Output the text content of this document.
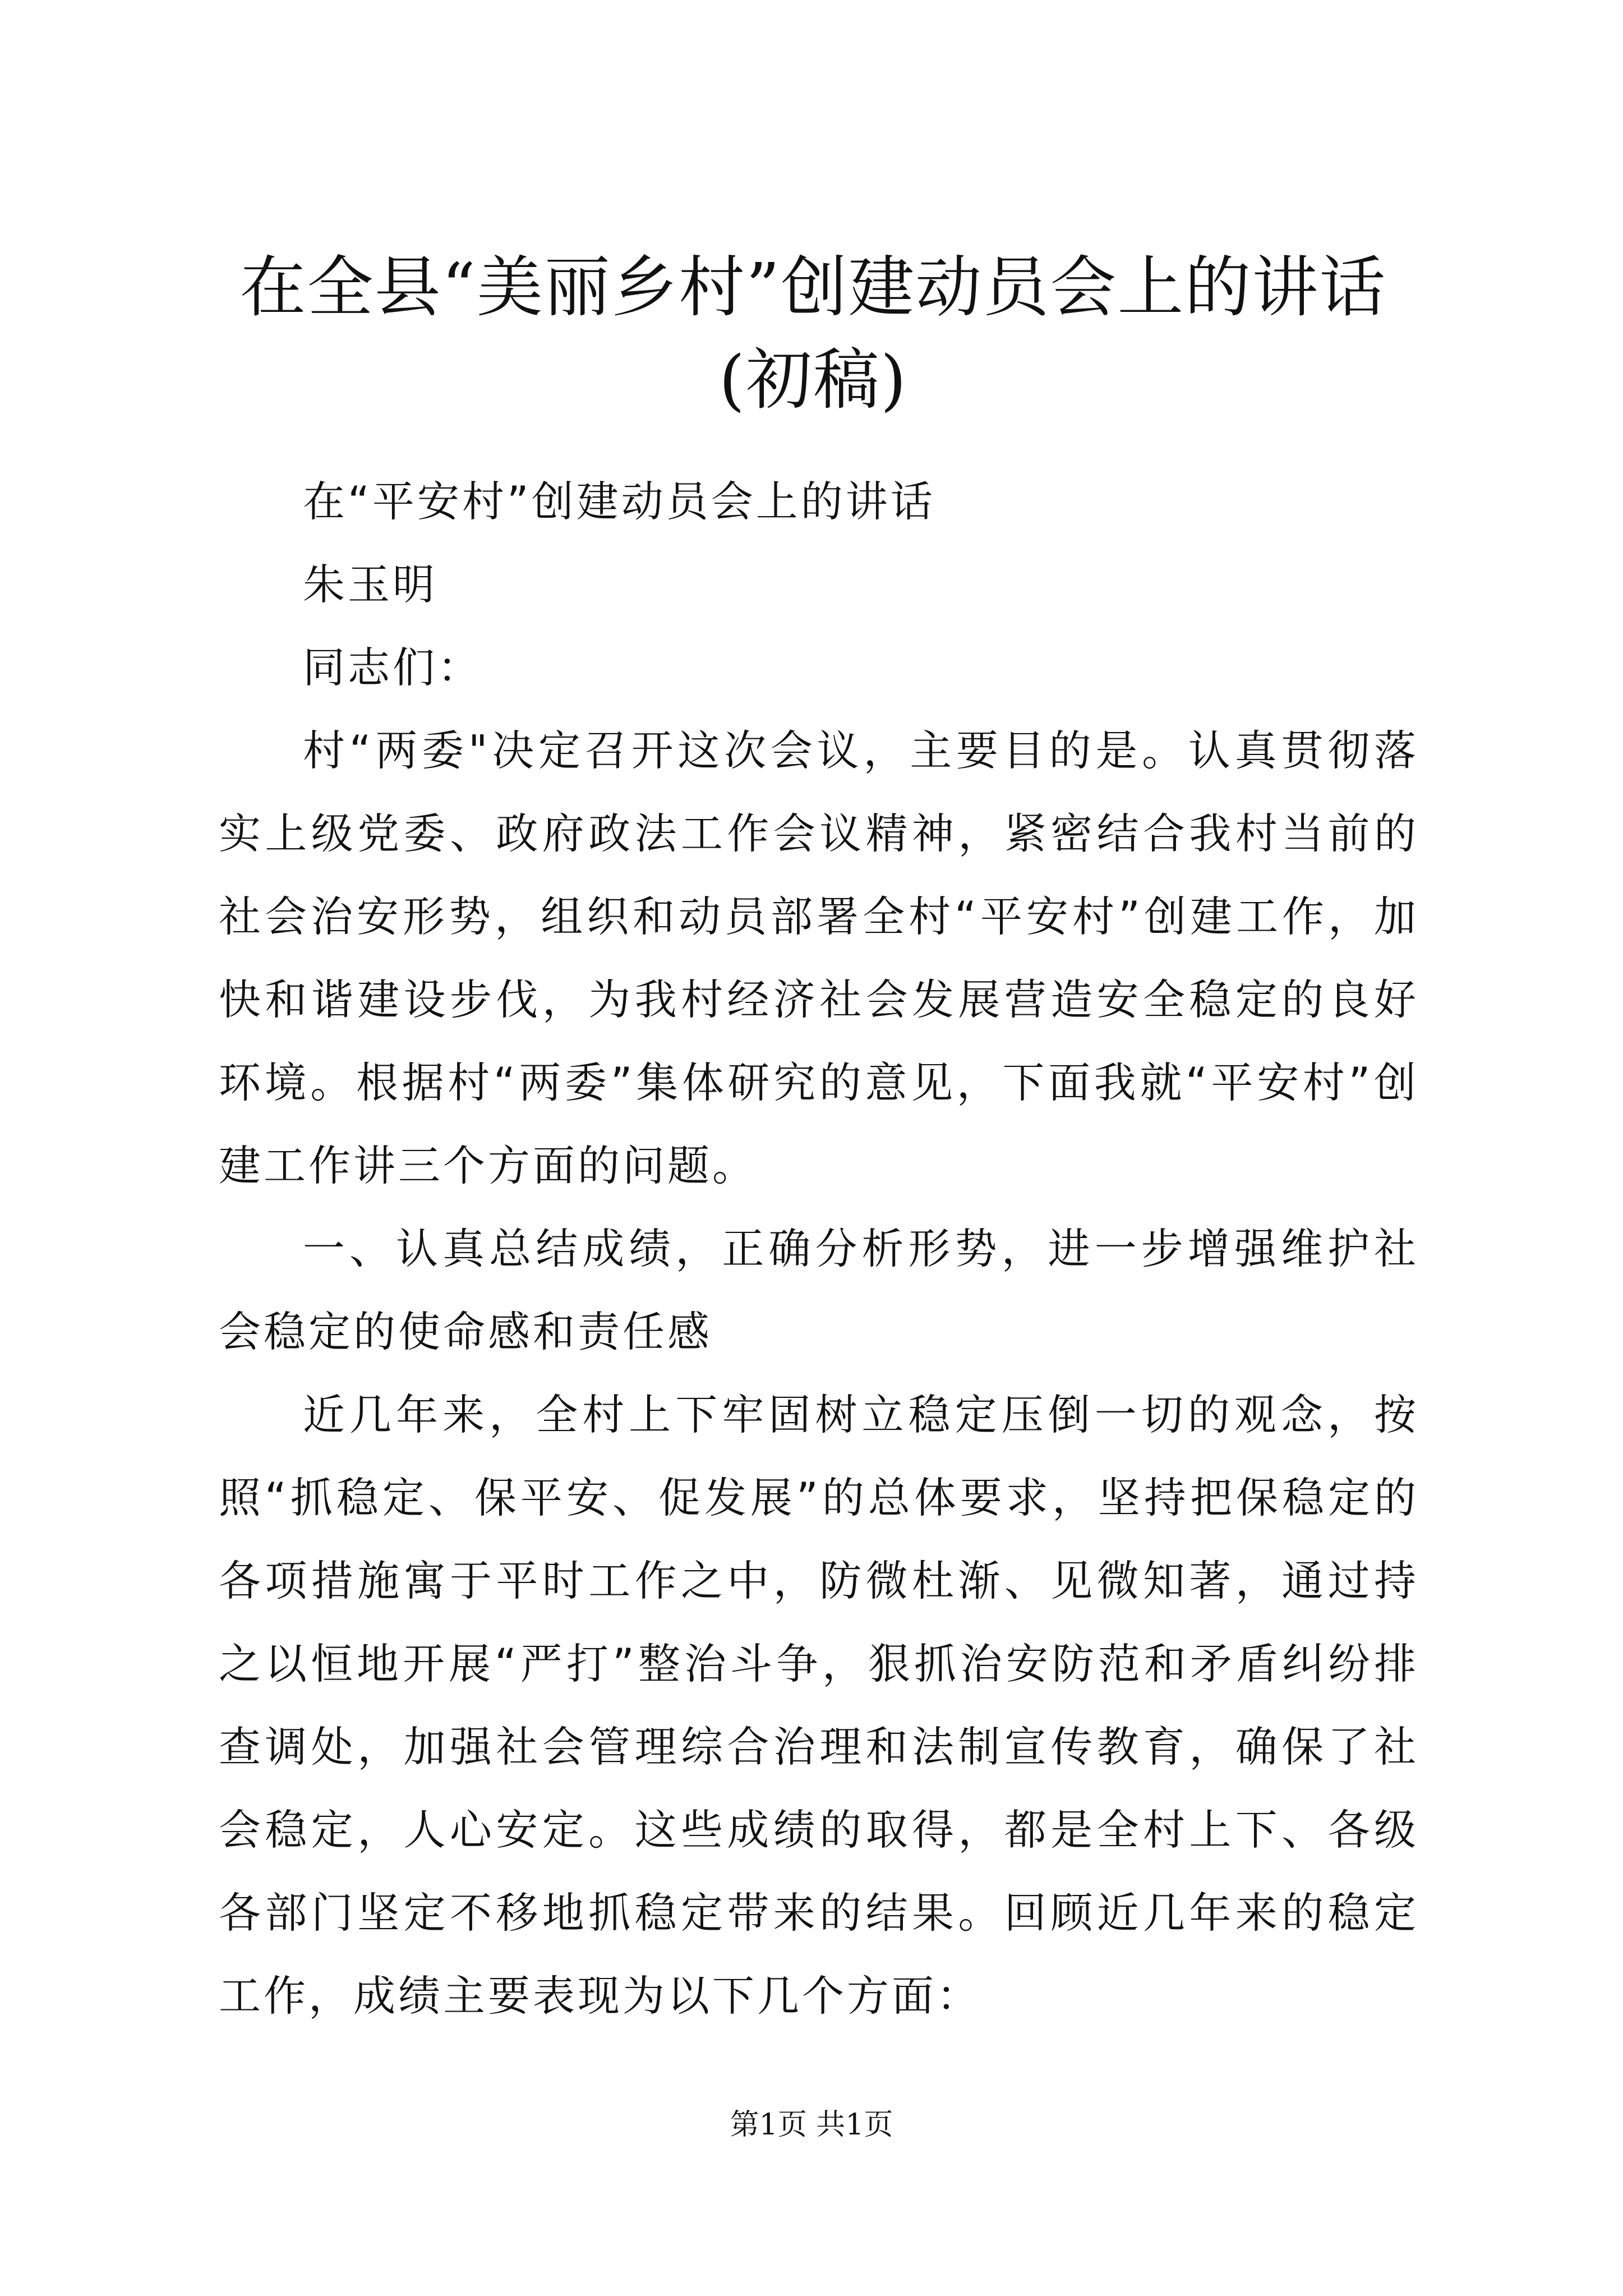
在全县“美丽乡村”创建动员会上的讲话(初稿)

在“平安村”创建动员会上的讲话

朱玉明

同志们：

村“两委"决定召开这次会议，主要目的是。认真贯彻落实上级党委、政府政法工作会议精神，紧密结合我村当前的社会治安形势，组织和动员部署全村“平安村”创建工作，加快和谐建设步伐，为我村经济社会发展营造安全稳定的良好环境。根据村“两委”集体研究的意见，下面我就“平安村”创建工作讲三个方面的问题。

一、认真总结成绩，正确分析形势，进一步增强维护社会稳定的使命感和责任感

近几年来，全村上下牢固树立稳定压倒一切的观念，按照“抓稳定、保平安、促发展”的总体要求，坚持把保稳定的各项措施寓于平时工作之中，防微杜渐、见微知著，通过持之以恒地开展“严打”整治斗争，狠抓治安防范和矛盾纠纷排查调处，加强社会管理综合治理和法制宣传教育，确保了社会稳定，人心安定。这些成绩的取得，都是全村上下、各级各部门坚定不移地抓稳定带来的结果。回顾近几年来的稳定工作，成绩主要表现为以下几个方面：

第1页 共1页
